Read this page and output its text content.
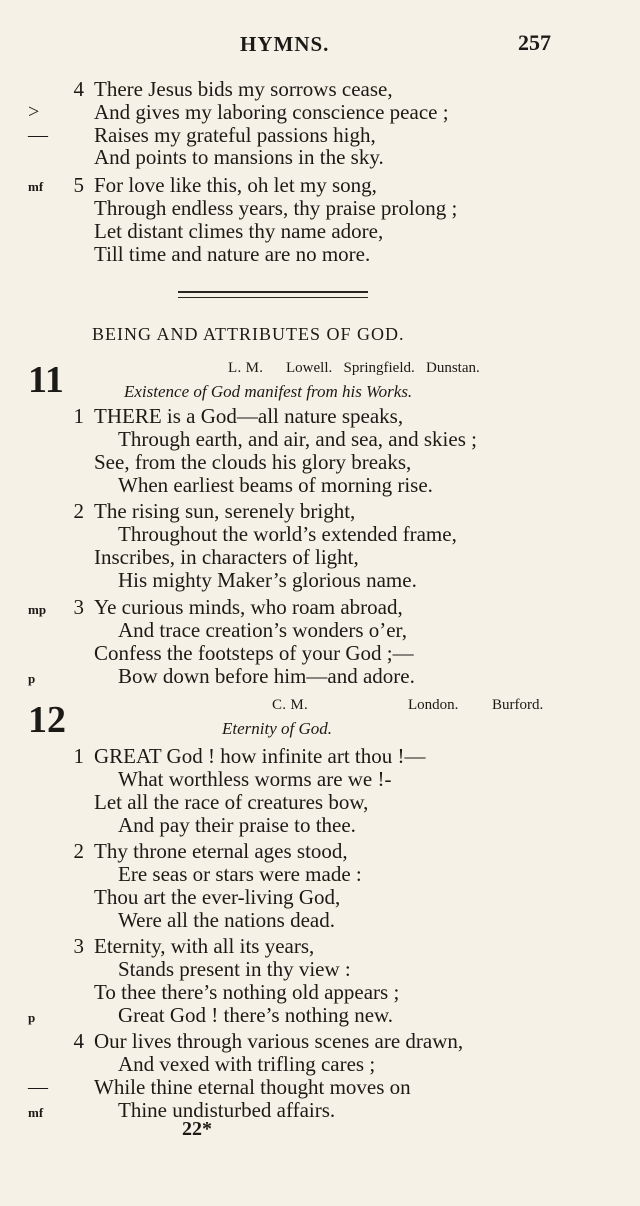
HYMNS.	257
4 There Jesus bids my sorrows cease,
>	And gives my laboring conscience peace ;
— Raises my grateful passions high,
And points to mansions in the sky.
mf	5 For love like this, oh let my song,
Through endless years, thy praise prolong ;
Let distant climes thy name adore,
Till time and nature are no more.
BEING AND ATTRIBUTES OF GOD.
11	L. M. Lowell.   Springfield.   Dunstan.
Existence of God manifest from his Works.
1 THERE is a God—all nature speaks,
Through earth, and air, and sea, and skies ;
See, from the clouds his glory breaks,
When earliest beams of morning rise.
2 The rising sun, serenely bright,
Throughout the world’s extended frame,
Inscribes, in characters of light,
His mighty Maker’s glorious name.
mp	3 Ye curious minds, who roam abroad,
And trace creation’s wonders o’er,
Confess the footsteps of your God ;—
p	Bow down before him—and adore.
12	C. M.	London. Burford.
Eternity of God.
1 GREAT God ! how infinite art thou !—
What worthless worms are we !-
Let all the race of creatures bow,
And pay their praise to thee.
2 Thy throne eternal ages stood,
Ere seas or stars were made :
Thou art the ever-living God,
Were all the nations dead.
3 Eternity, with all its years,
Stands present in thy view :
To thee there’s nothing old appears ;
p	Great God ! there’s nothing new.
4 Our lives through various scenes are drawn,
And vexed with trifling cares ;
— While thine eternal thought moves on
mf	Thine undisturbed affairs.
22*
